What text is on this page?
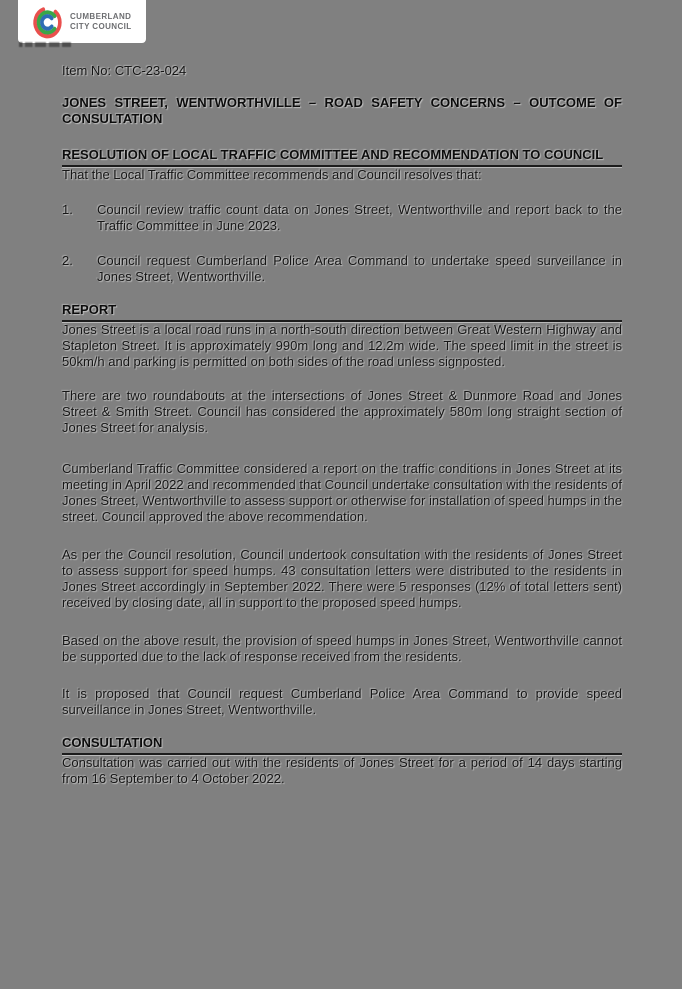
CUMBERLAND
CITY COUNCIL

Item No: CTC-23-024

JONES STREET, WENTWORTHVILLE – ROAD SAFETY CONCERNS – OUTCOME OF CONSULTATION
RESOLUTION OF LOCAL TRAFFIC COMMITTEE AND RECOMMENDATION TO COUNCIL

That the Local Traffic Committee recommends and Council resolves that:

1.	Council review traffic count data on Jones Street, Wentworthville and report back to the Traffic Committee in June 2023.
2.	Council request Cumberland Police Area Command to undertake speed surveillance in Jones Street, Wentworthville.
REPORT

Jones Street is a local road runs in a north-south direction between Great Western Highway and Stapleton Street. It is approximately 990m long and 12.2m wide. The speed limit in the street is 50km/h and parking is permitted on both sides of the road unless signposted.

There are two roundabouts at the intersections of Jones Street & Dunmore Road and Jones Street & Smith Street. Council has considered the approximately 580m long straight section of Jones Street for analysis.

Cumberland Traffic Committee considered a report on the traffic conditions in Jones Street at its meeting in April 2022 and recommended that Council undertake consultation with the residents of Jones Street, Wentworthville to assess support or otherwise for installation of speed humps in the street. Council approved the above recommendation.

As per the Council resolution, Council undertook consultation with the residents of Jones Street to assess support for speed humps. 43 consultation letters were distributed to the residents in Jones Street accordingly in September 2022. There were 5 responses (12% of total letters sent) received by closing date, all in support to the proposed speed humps.

Based on the above result, the provision of speed humps in Jones Street, Wentworthville cannot be supported due to the lack of response received from the residents.

It is proposed that Council request Cumberland Police Area Command to provide speed surveillance in Jones Street, Wentworthville.

CONSULTATION

Consultation was carried out with the residents of Jones Street for a period of 14 days starting from 16 September to 4 October 2022.
